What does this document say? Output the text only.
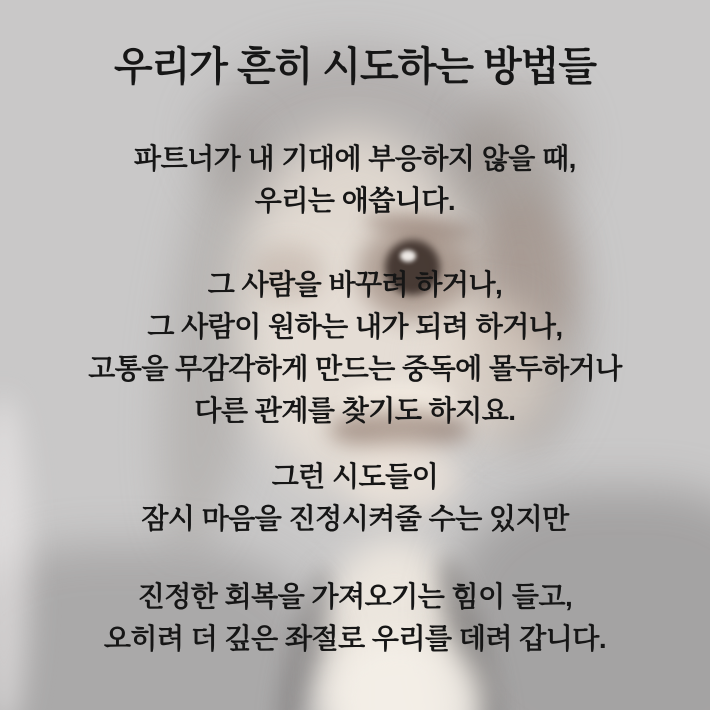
우리가 흔히 시도하는 방법들
파트너가 내 기대에 부응하지 않을 때,
우리는 애씁니다.
그 사람을 바꾸려 하거나,
그 사람이 원하는 내가 되려 하거나,
고통을 무감각하게 만드는 중독에 몰두하거나
다른 관계를 찾기도 하지요.
그런 시도들이
잠시 마음을 진정시켜줄 수는 있지만
진정한 회복을 가져오기는 힘이 들고,
오히려 더 깊은 좌절로 우리를 데려 갑니다.
